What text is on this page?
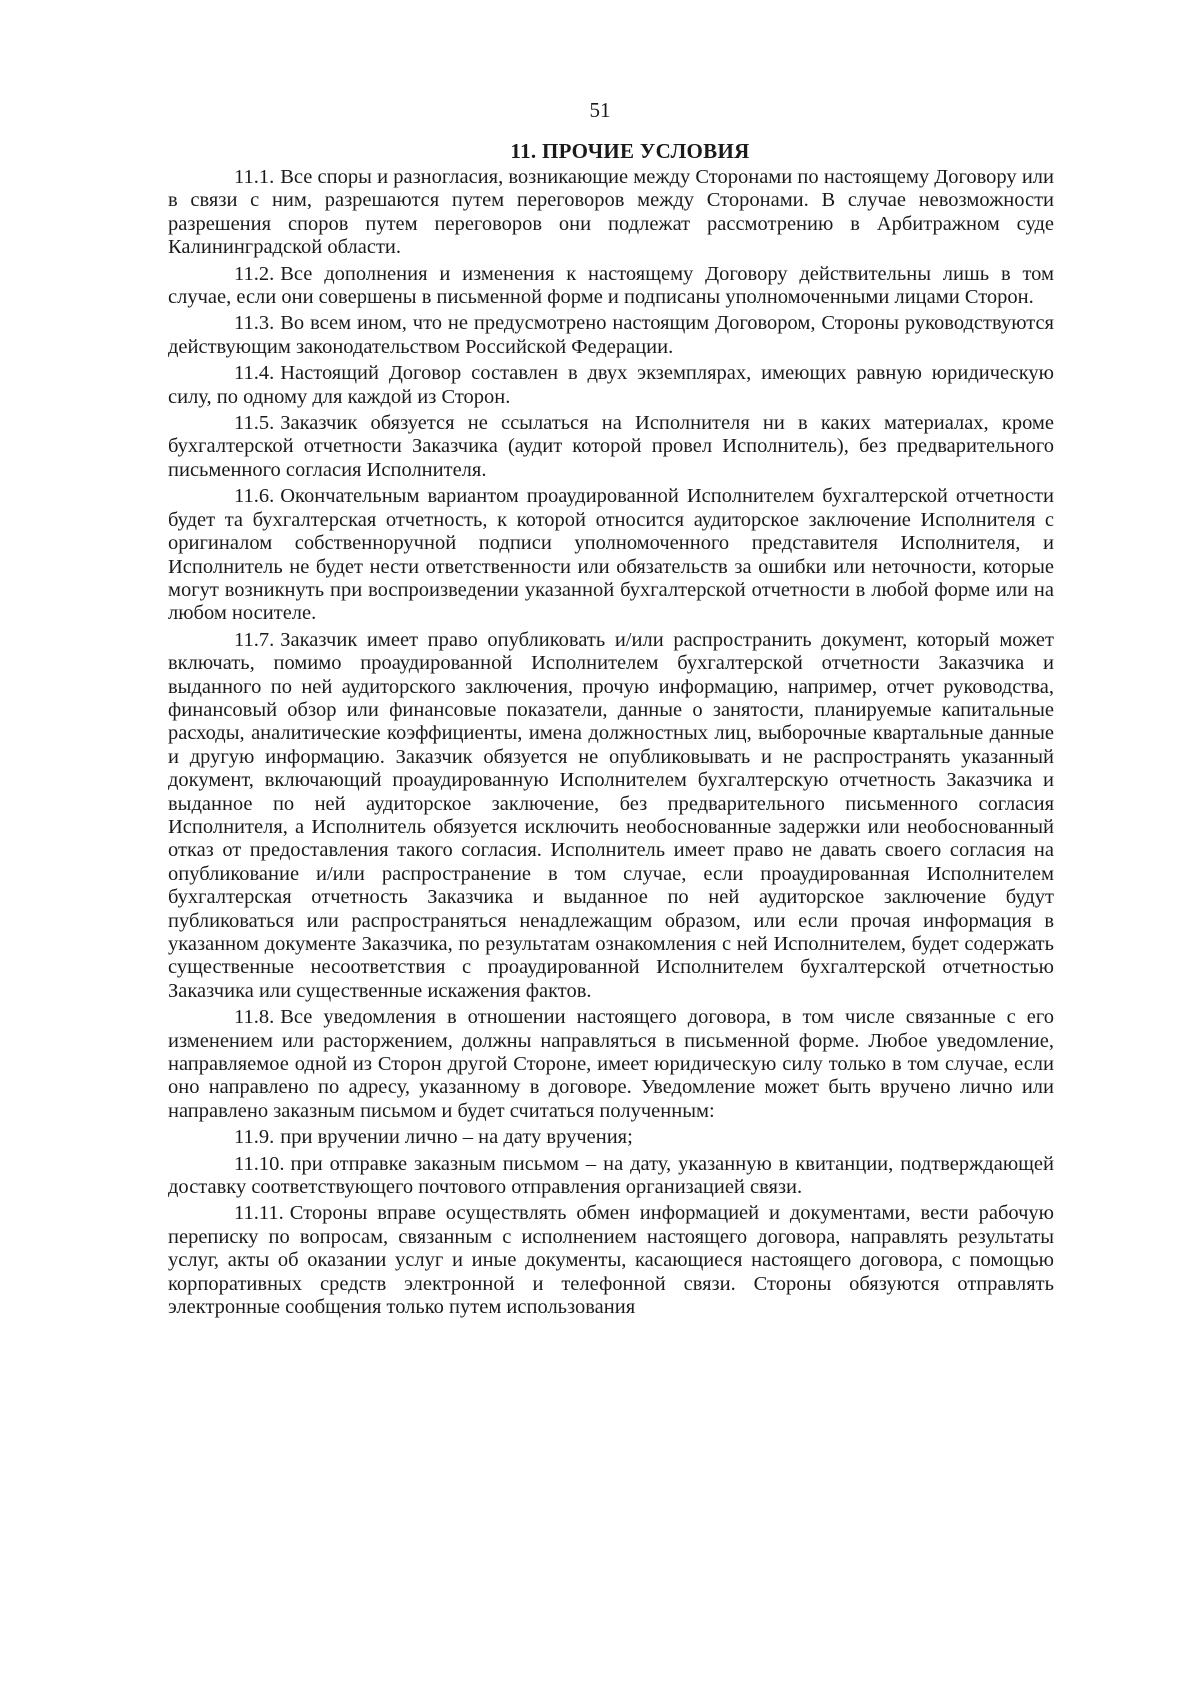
51
11. ПРОЧИЕ УСЛОВИЯ

11.1. Все споры и разногласия, возникающие между Сторонами по настоящему Договору или в связи с ним, разрешаются путем переговоров между Сторонами. В случае невозможности разрешения споров путем переговоров они подлежат рассмотрению в Арбитражном суде Калининградской области.

11.2. Все дополнения и изменения к настоящему Договору действительны лишь в том случае, если они совершены в письменной форме и подписаны уполномоченными лицами Сторон.

11.3. Во всем ином, что не предусмотрено настоящим Договором, Стороны руководствуются действующим законодательством Российской Федерации.

11.4. Настоящий Договор составлен в двух экземплярах, имеющих равную юридическую силу, по одному для каждой из Сторон.

11.5. Заказчик обязуется не ссылаться на Исполнителя ни в каких материалах, кроме бухгалтерской отчетности Заказчика (аудит которой провел Исполнитель), без предварительного письменного согласия Исполнителя.

11.6. Окончательным вариантом проаудированной Исполнителем бухгалтерской отчетности будет та бухгалтерская отчетность, к которой относится аудиторское заключение Исполнителя с оригиналом собственноручной подписи уполномоченного представителя Исполнителя, и Исполнитель не будет нести ответственности или обязательств за ошибки или неточности, которые могут возникнуть при воспроизведении указанной бухгалтерской отчетности в любой форме или на любом носителе.

11.7. Заказчик имеет право опубликовать и/или распространить документ, который может включать, помимо проаудированной Исполнителем бухгалтерской отчетности Заказчика и выданного по ней аудиторского заключения, прочую информацию, например, отчет руководства, финансовый обзор или финансовые показатели, данные о занятости, планируемые капитальные расходы, аналитические коэффициенты, имена должностных лиц, выборочные квартальные данные и другую информацию. Заказчик обязуется не опубликовывать и не распространять указанный документ, включающий проаудированную Исполнителем бухгалтерскую отчетность Заказчика и выданное по ней аудиторское заключение, без предварительного письменного согласия Исполнителя, а Исполнитель обязуется исключить необоснованные задержки или необоснованный отказ от предоставления такого согласия. Исполнитель имеет право не давать своего согласия на опубликование и/или распространение в том случае, если проаудированная Исполнителем бухгалтерская отчетность Заказчика и выданное по ней аудиторское заключение будут публиковаться или распространяться ненадлежащим образом, или если прочая информация в указанном документе Заказчика, по результатам ознакомления с ней Исполнителем, будет содержать существенные несоответствия с проаудированной Исполнителем бухгалтерской отчетностью Заказчика или существенные искажения фактов.

11.8. Все уведомления в отношении настоящего договора, в том числе связанные с его изменением или расторжением, должны направляться в письменной форме. Любое уведомление, направляемое одной из Сторон другой Стороне, имеет юридическую силу только в том случае, если оно направлено по адресу, указанному в договоре. Уведомление может быть вручено лично или направлено заказным письмом и будет считаться полученным:

11.9. при вручении лично – на дату вручения;

11.10. при отправке заказным письмом – на дату, указанную в квитанции, подтверждающей доставку соответствующего почтового отправления организацией связи.

11.11. Стороны вправе осуществлять обмен информацией и документами, вести рабочую переписку по вопросам, связанным с исполнением настоящего договора, направлять результаты услуг, акты об оказании услуг и иные документы, касающиеся настоящего договора, с помощью корпоративных средств электронной и телефонной связи. Стороны обязуются отправлять электронные сообщения только путем использования
